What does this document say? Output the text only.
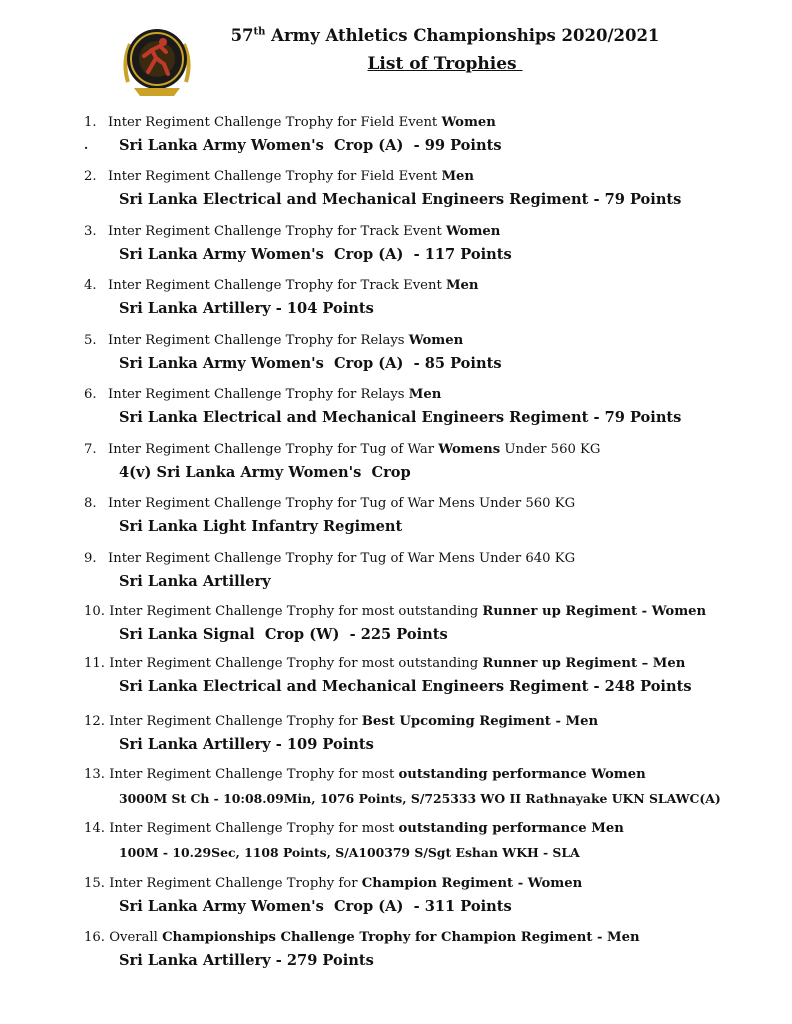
57th Army Athletics Championships 2020/2021
List of Trophies
.
1. Inter Regiment Challenge Trophy for Field Event Women
Sri Lanka Army Women's  Crop (A)  - 99 Points
2. Inter Regiment Challenge Trophy for Field Event Men
Sri Lanka Electrical and Mechanical Engineers Regiment - 79 Points
3. Inter Regiment Challenge Trophy for Track Event Women
Sri Lanka Army Women's  Crop (A)  - 117 Points
4. Inter Regiment Challenge Trophy for Track Event Men
Sri Lanka Artillery - 104 Points
5. Inter Regiment Challenge Trophy for Relays Women
Sri Lanka Army Women's  Crop (A)  - 85 Points
6. Inter Regiment Challenge Trophy for Relays Men
Sri Lanka Electrical and Mechanical Engineers Regiment - 79 Points
7. Inter Regiment Challenge Trophy for Tug of War Womens Under 560 KG
4(v) Sri Lanka Army Women's  Crop
8. Inter Regiment Challenge Trophy for Tug of War Mens Under 560 KG
Sri Lanka Light Infantry Regiment
9. Inter Regiment Challenge Trophy for Tug of War Mens Under 640 KG
Sri Lanka Artillery
10. Inter Regiment Challenge Trophy for most outstanding Runner up Regiment - Women
Sri Lanka Signal  Crop (W)  - 225 Points
11. Inter Regiment Challenge Trophy for most outstanding Runner up Regiment – Men
Sri Lanka Electrical and Mechanical Engineers Regiment - 248 Points
12. Inter Regiment Challenge Trophy for Best Upcoming Regiment - Men
Sri Lanka Artillery - 109 Points
13. Inter Regiment Challenge Trophy for most outstanding performance Women
3000M St Ch - 10:08.09Min, 1076 Points, S/725333 WO II Rathnayake UKN SLAWC(A)
14. Inter Regiment Challenge Trophy for most outstanding performance Men
100M - 10.29Sec, 1108 Points, S/A100379 S/Sgt Eshan WKH - SLA
15. Inter Regiment Challenge Trophy for Champion Regiment - Women
Sri Lanka Army Women's  Crop (A)  - 311 Points
16. Overall Championships Challenge Trophy for Champion Regiment - Men
Sri Lanka Artillery - 279 Points
